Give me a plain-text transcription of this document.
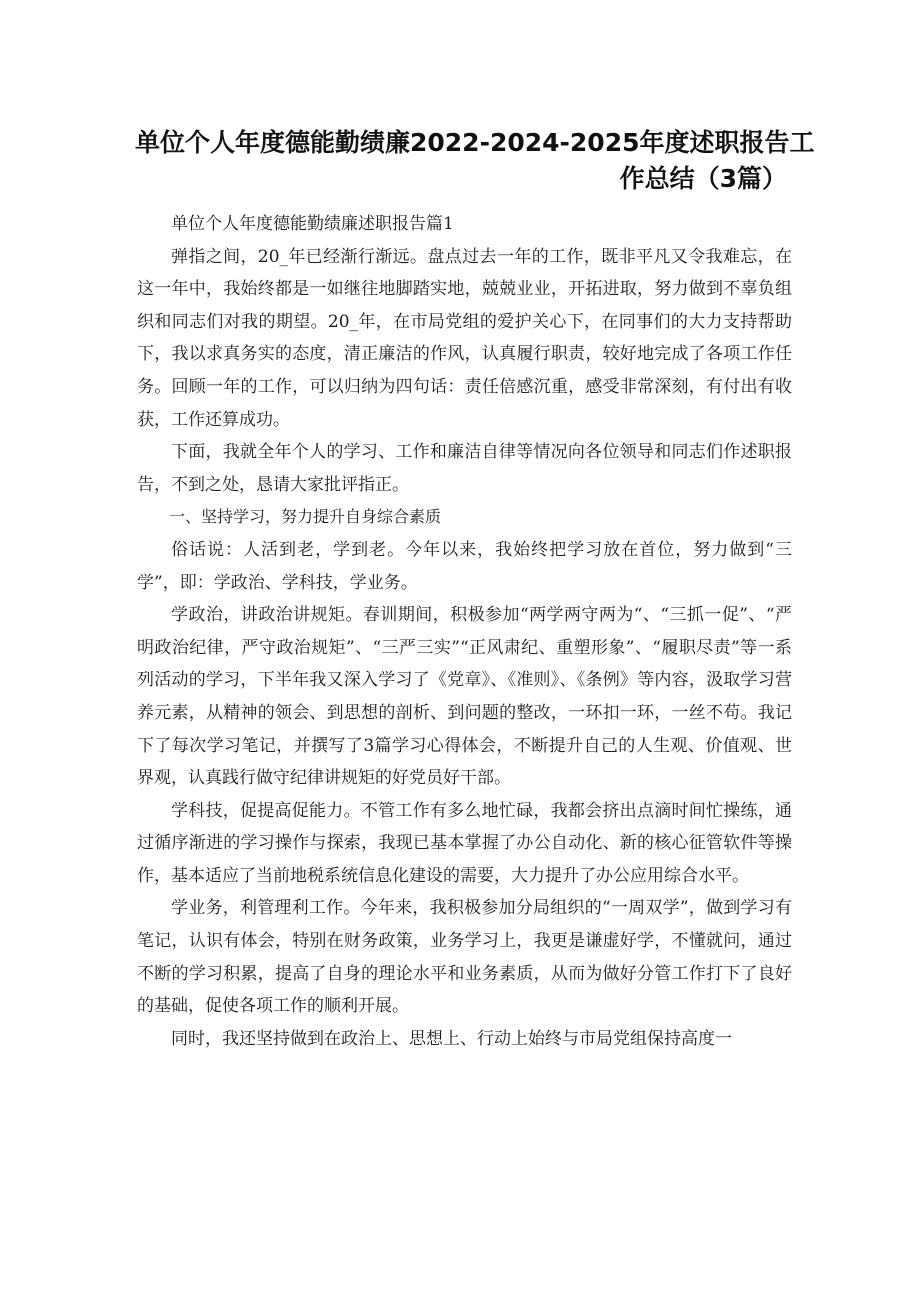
单位个人年度德能勤绩廉2022-2024-2025年度述职报告工
作总结（3篇）

单位个人年度德能勤绩廉述职报告篇1

弹指之间，20_年已经渐行渐远。盘点过去一年的工作，既非平凡又令我难忘，在这一年中，我始终都是一如继往地脚踏实地，兢兢业业，开拓进取，努力做到不辜负组织和同志们对我的期望。20_年，在市局党组的爱护关心下，在同事们的大力支持帮助下，我以求真务实的态度，清正廉洁的作风，认真履行职责，较好地完成了各项工作任务。回顾一年的工作，可以归纳为四句话：责任倍感沉重，感受非常深刻，有付出有收获，工作还算成功。

下面，我就全年个人的学习、工作和廉洁自律等情况向各位领导和同志们作述职报告，不到之处，恳请大家批评指正。

一、坚持学习，努力提升自身综合素质

俗话说：人活到老，学到老。今年以来，我始终把学习放在首位，努力做到“三学”，即：学政治、学科技，学业务。

学政治，讲政治讲规矩。春训期间，积极参加“两学两守两为“、“三抓一促”、“严明政治纪律，严守政治规矩”、“三严三实”“正风肃纪、重塑形象”、“履职尽责”等一系列活动的学习，下半年我又深入学习了《党章》、《准则》、《条例》等内容，汲取学习营养元素，从精神的领会、到思想的剖析、到问题的整改，一环扣一环，一丝不苟。我记下了每次学习笔记，并撰写了3篇学习心得体会，不断提升自己的人生观、价值观、世界观，认真践行做守纪律讲规矩的好党员好干部。

学科技，促提高促能力。不管工作有多么地忙碌，我都会挤出点滴时间忙操练，通过循序渐进的学习操作与探索，我现已基本掌握了办公自动化、新的核心征管软件等操作，基本适应了当前地税系统信息化建设的需要，大力提升了办公应用综合水平。

学业务，利管理利工作。今年来，我积极参加分局组织的“一周双学”，做到学习有笔记，认识有体会，特别在财务政策，业务学习上，我更是谦虚好学，不懂就问，通过不断的学习积累，提高了自身的理论水平和业务素质，从而为做好分管工作打下了良好的基础，促使各项工作的顺利开展。

同时，我还坚持做到在政治上、思想上、行动上始终与市局党组保持高度一
